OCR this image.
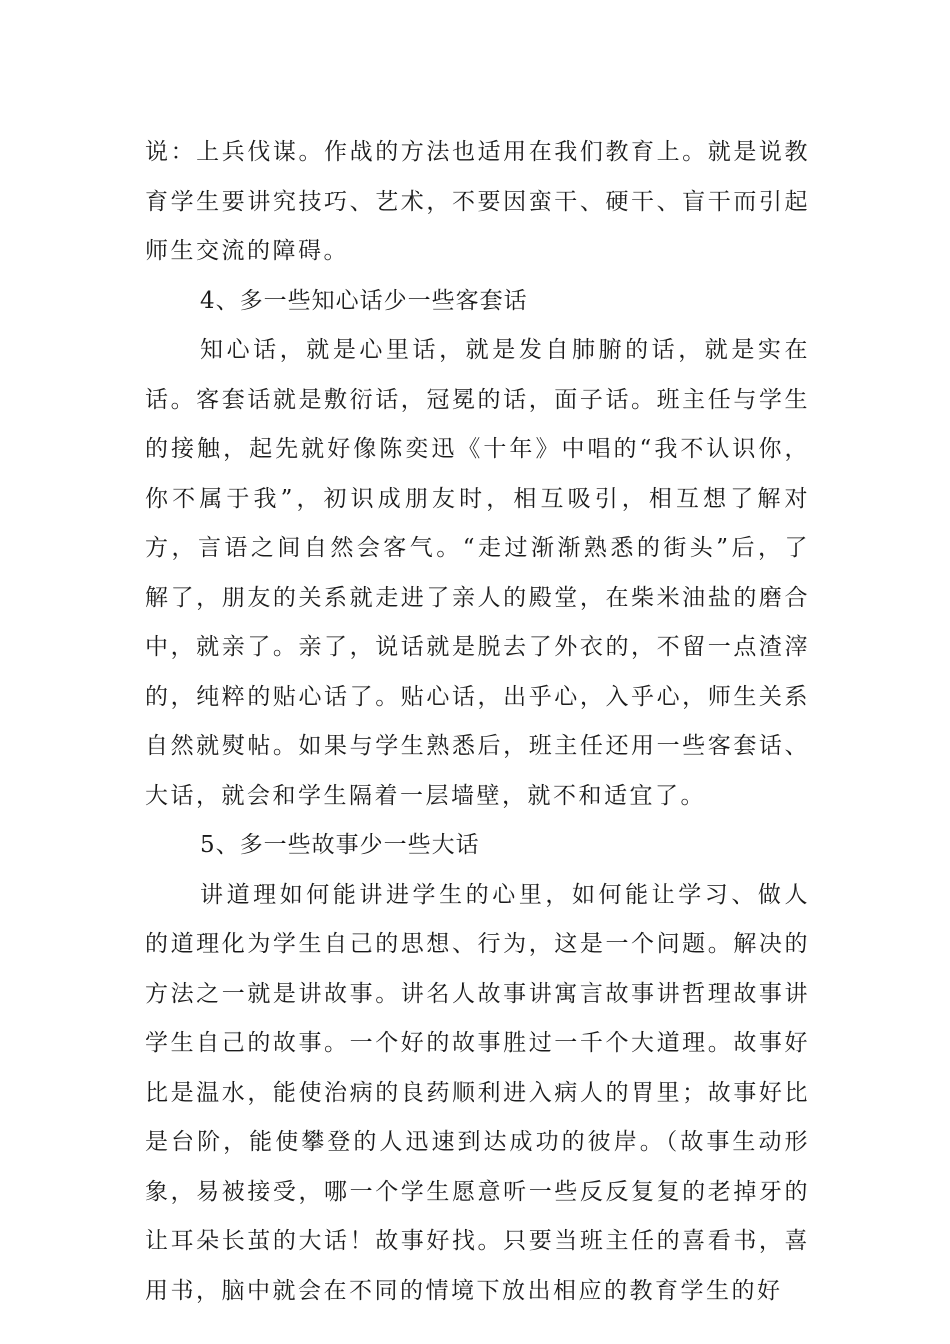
说：上兵伐谋。作战的方法也适用在我们教育上。就是说教育学生要讲究技巧、艺术，不要因蛮干、硬干、盲干而引起师生交流的障碍。

4、多一些知心话少一些客套话

知心话，就是心里话，就是发自肺腑的话，就是实在话。客套话就是敷衍话，冠冕的话，面子话。班主任与学生的接触，起先就好像陈奕迅《十年》中唱的“我不认识你，你不属于我”，初识成朋友时，相互吸引，相互想了解对方，言语之间自然会客气。“走过渐渐熟悉的街头”后，了解了，朋友的关系就走进了亲人的殿堂，在柴米油盐的磨合中，就亲了。亲了，说话就是脱去了外衣的，不留一点渣滓的，纯粹的贴心话了。贴心话，出乎心，入乎心，师生关系自然就熨帖。如果与学生熟悉后，班主任还用一些客套话、大话，就会和学生隔着一层墙壁，就不和适宜了。

5、多一些故事少一些大话

讲道理如何能讲进学生的心里，如何能让学习、做人的道理化为学生自己的思想、行为，这是一个问题。解决的方法之一就是讲故事。讲名人故事讲寓言故事讲哲理故事讲学生自己的故事。一个好的故事胜过一千个大道理。故事好比是温水，能使治病的良药顺利进入病人的胃里；故事好比是台阶，能使攀登的人迅速到达成功的彼岸。（故事生动形象，易被接受，哪一个学生愿意听一些反反复复的老掉牙的让耳朵长茧的大话！故事好找。只要当班主任的喜看书，喜用书，脑中就会在不同的情境下放出相应的教育学生的好
